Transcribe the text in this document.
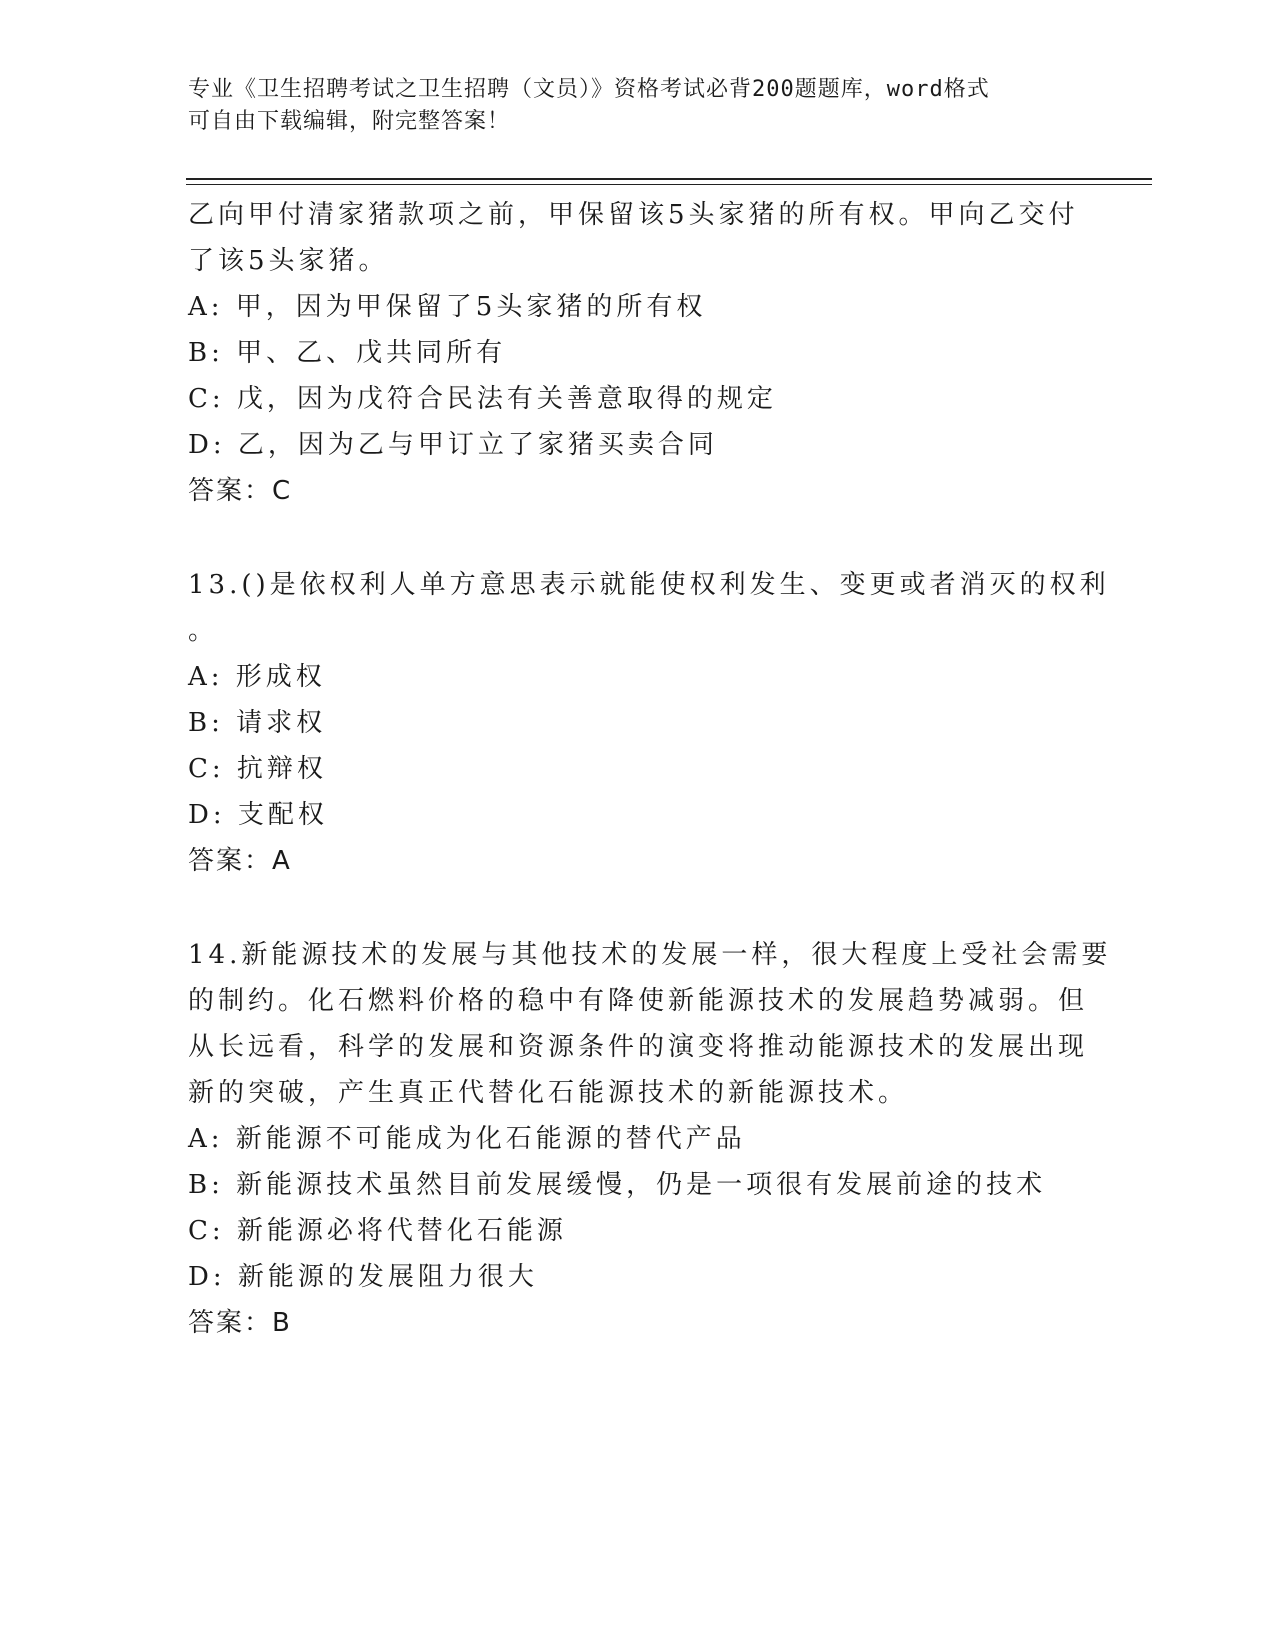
专业《卫生招聘考试之卫生招聘（文员）》资格考试必背200题题库，word格式
可自由下载编辑，附完整答案！
乙向甲付清家猪款项之前，甲保留该5头家猪的所有权。甲向乙交付
了该5头家猪。
A: 甲，因为甲保留了5头家猪的所有权
B: 甲、乙、戊共同所有
C: 戊，因为戊符合民法有关善意取得的规定
D: 乙，因为乙与甲订立了家猪买卖合同
答案：C
13.()是依权利人单方意思表示就能使权利发生、变更或者消灭的权利
。
A: 形成权
B: 请求权
C: 抗辩权
D: 支配权
答案：A
14.新能源技术的发展与其他技术的发展一样，很大程度上受社会需要
的制约。化石燃料价格的稳中有降使新能源技术的发展趋势减弱。但
从长远看，科学的发展和资源条件的演变将推动能源技术的发展出现
新的突破，产生真正代替化石能源技术的新能源技术。
A: 新能源不可能成为化石能源的替代产品
B: 新能源技术虽然目前发展缓慢，仍是一项很有发展前途的技术
C: 新能源必将代替化石能源
D: 新能源的发展阻力很大
答案：B
